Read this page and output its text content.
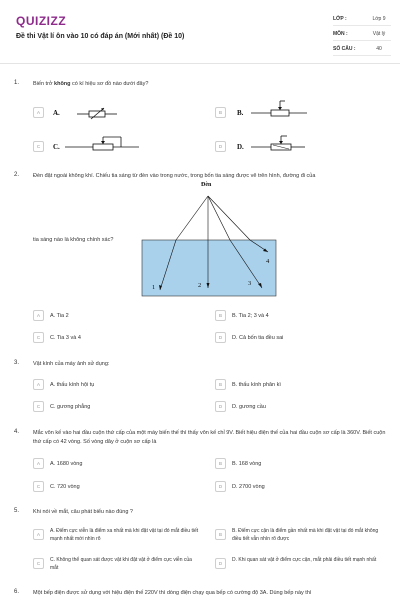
QUIZIZZ
Đề thi Vật lí ôn vào 10 có đáp án (Mới nhất) (Đề 10)
LỚP :	Lớp 9
MÔN :	Vật lý
SỐ CÂU :	40
1.	Biến trở không có kí hiệu sơ đồ nào dưới đây?
A	A.	B	B.
C	C.	D	D.
2.	Đèn đặt ngoài không khí. Chiếu tia sáng từ đèn vào trong nước, trong bốn tia sáng được vẽ trên hình, đường đi của
tia sáng nào là không chính xác?
Đèn
1	2	3
4
A	A. Tia 2	B	B. Tia 2; 3 và 4
C	C. Tia 3 và 4	D	D. Cả bốn tia đều sai
3.	Vật kính của máy ảnh sử dụng:
A	A. thấu kính hội tụ	B	B. thấu kính phân kì
C	C. gương phẳng	D	D. gương cầu
4.	Mắc vôn kế vào hai đầu cuộn thứ cấp của một máy biến thế thì thấy vôn kế chỉ 9V. Biết hiệu điện thế của hai đầu cuộn sơ cấp là 360V. Biết cuộn thứ cấp có 42 vòng. Số vòng dây ở cuộn sơ cấp là
A	A. 1680 vòng	B	B. 168 vòng
C	C. 720 vòng	D	D. 2700 vòng
5.	Khi nói về mắt, câu phát biểu nào đúng ?
A
A. Điểm cực viễn là điểm xa nhất mà khi đặt vật tại đó mắt điều tiết mạnh nhất mới nhìn rõ
B
B. Điểm cực cận là điểm gần nhất mà khi đặt vật tại đó mắt không điều tiết vẫn nhìn rõ được
C
C. Không thể quan sát được vật khi đặt vật ở điểm cực viễn của mắt
D
D. Khi quan sát vật ở điểm cực cận, mắt phải điều tiết mạnh nhất
6.	Một bếp điện được sử dụng với hiệu điện thế 220V thì dòng điện chạy qua bếp có cường độ 3A. Dùng bếp này thì
